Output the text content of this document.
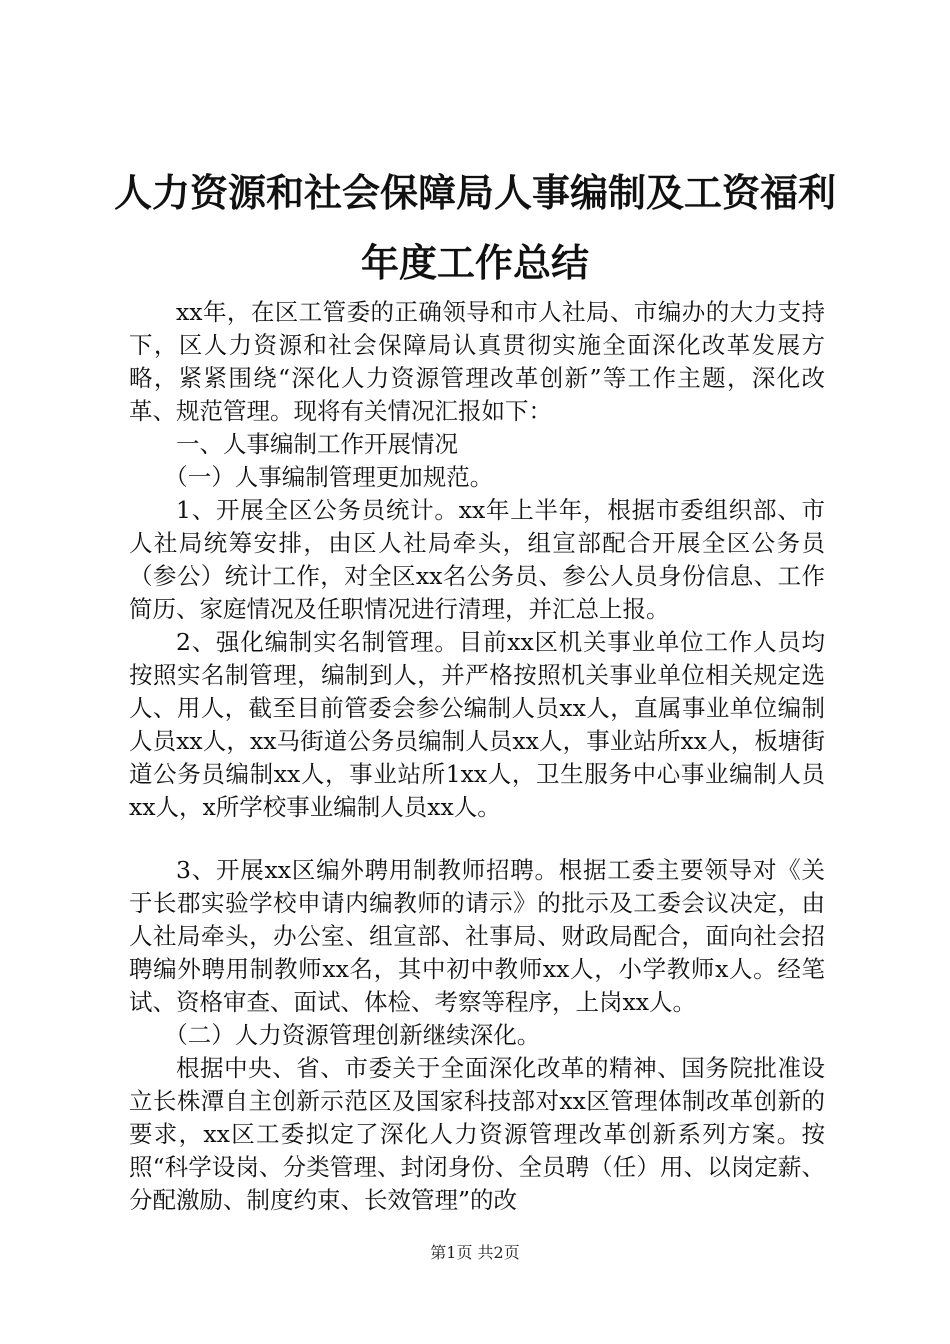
人力资源和社会保障局人事编制及工资福利年度工作总结

xx年，在区工管委的正确领导和市人社局、市编办的大力支持下，区人力资源和社会保障局认真贯彻实施全面深化改革发展方略，紧紧围绕“深化人力资源管理改革创新”等工作主题，深化改革、规范管理。现将有关情况汇报如下：

一、人事编制工作开展情况

（一）人事编制管理更加规范。

1、开展全区公务员统计。xx年上半年，根据市委组织部、市人社局统筹安排，由区人社局牵头，组宣部配合开展全区公务员（参公）统计工作，对全区xx名公务员、参公人员身份信息、工作简历、家庭情况及任职情况进行清理，并汇总上报。

2、强化编制实名制管理。目前xx区机关事业单位工作人员均按照实名制管理，编制到人，并严格按照机关事业单位相关规定选人、用人，截至目前管委会参公编制人员xx人，直属事业单位编制人员xx人，xx马街道公务员编制人员xx人，事业站所xx人，板塘街道公务员编制xx人，事业站所1xx人，卫生服务中心事业编制人员xx人，x所学校事业编制人员xx人。

3、开展xx区编外聘用制教师招聘。根据工委主要领导对《关于长郡实验学校申请内编教师的请示》的批示及工委会议决定，由人社局牵头，办公室、组宣部、社事局、财政局配合，面向社会招聘编外聘用制教师xx名，其中初中教师xx人，小学教师x人。经笔试、资格审查、面试、体检、考察等程序，上岗xx人。

（二）人力资源管理创新继续深化。

根据中央、省、市委关于全面深化改革的精神、国务院批准设立长株潭自主创新示范区及国家科技部对xx区管理体制改革创新的要求，xx区工委拟定了深化人力资源管理改革创新系列方案。按照“科学设岗、分类管理、封闭身份、全员聘（任）用、以岗定薪、分配激励、制度约束、长效管理”的改

第1页 共2页
